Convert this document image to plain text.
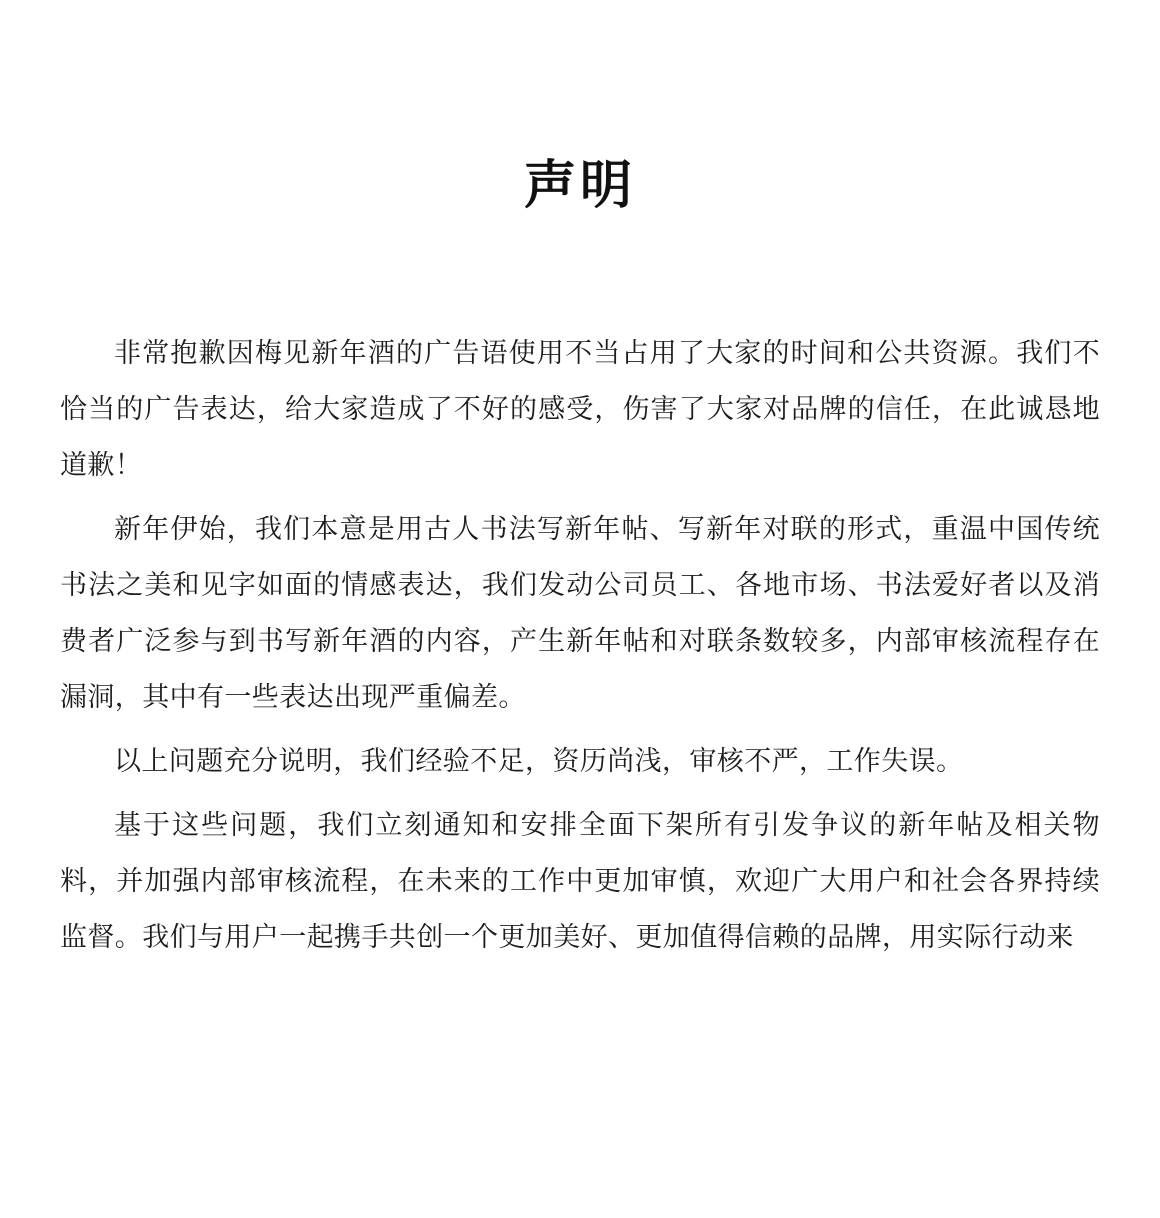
声明

非常抱歉因梅见新年酒的广告语使用不当占用了大家的时间和公共资源。我们不恰当的广告表达，给大家造成了不好的感受，伤害了大家对品牌的信任，在此诚恳地道歉！

新年伊始，我们本意是用古人书法写新年帖、写新年对联的形式，重温中国传统书法之美和见字如面的情感表达，我们发动公司员工、各地市场、书法爱好者以及消费者广泛参与到书写新年酒的内容，产生新年帖和对联条数较多，内部审核流程存在漏洞，其中有一些表达出现严重偏差。

以上问题充分说明，我们经验不足，资历尚浅，审核不严，工作失误。

基于这些问题，我们立刻通知和安排全面下架所有引发争议的新年帖及相关物料，并加强内部审核流程，在未来的工作中更加审慎，欢迎广大用户和社会各界持续监督。我们与用户一起携手共创一个更加美好、更加值得信赖的品牌，用实际行动来
